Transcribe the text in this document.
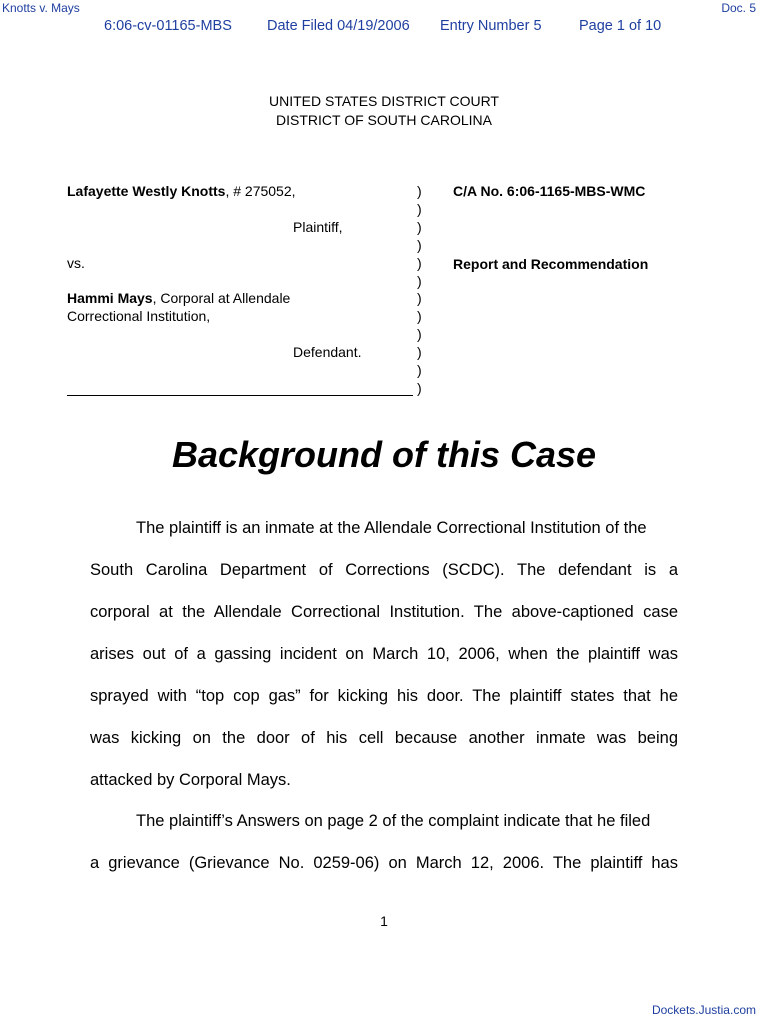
Knotts v. Mays	Doc. 5
6:06-cv-01165-MBS Date Filed 04/19/2006 Entry Number 5	Page 1 of 10
UNITED STATES DISTRICT COURT
DISTRICT OF SOUTH CAROLINA
Lafayette Westly Knotts, # 275052,
Plaintiff,
vs.
Hammi Mays, Corporal at Allendale
Correctional Institution,
Defendant.
)
)
)
)
)
)
)
)
)
)
)
)
C/A No. 6:06-1165-MBS-WMC
Report and Recommendation
Background of this Case
The plaintiff is an inmate at the Allendale Correctional Institution of the
South Carolina Department of Corrections (SCDC). The defendant is a
corporal at the Allendale Correctional Institution. The above-captioned case
arises out of a gassing incident on March 10, 2006, when the plaintiff was
sprayed with “top cop gas” for kicking his door. The plaintiff states that he
was kicking on the door of his cell because another inmate was being
attacked by Corporal Mays.
The plaintiff’s Answers on page 2 of the complaint indicate that he filed
a grievance (Grievance No. 0259-06) on March 12, 2006. The plaintiff has
1
Dockets.Justia.com
